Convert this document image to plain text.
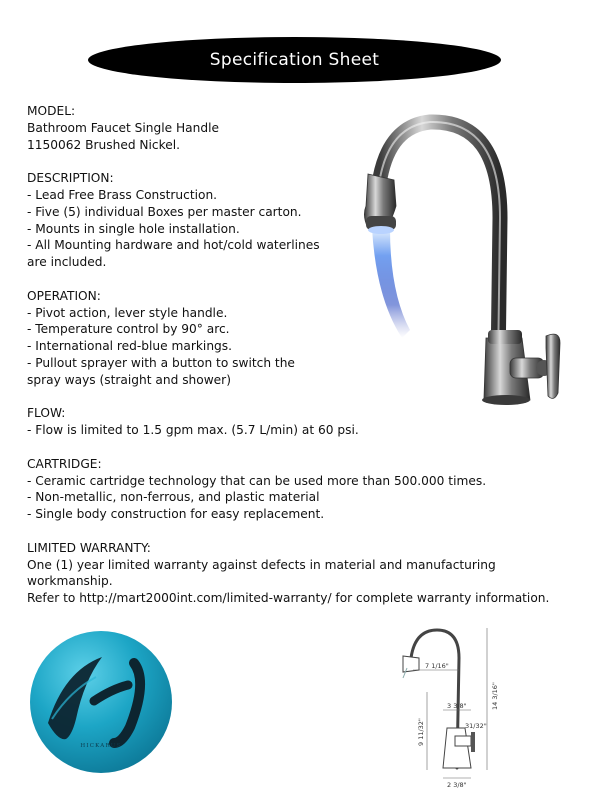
Specification Sheet
MODEL:
Bathroom Faucet Single Handle
1150062 Brushed Nickel.
DESCRIPTION:
- Lead Free Brass Construction.
- Five (5) individual Boxes per master carton.
- Mounts in single hole installation.
- All Mounting hardware and hot/cold waterlines are included.
OPERATION:
- Pivot action, lever style handle.
- Temperature control by 90° arc.
- International red-blue markings.
- Pullout sprayer with a button to switch the spray ways (straight and shower)
FLOW:
- Flow is limited to 1.5 gpm max. (5.7 L/min) at 60 psi.
CARTRIDGE:
- Ceramic cartridge technology that can be used more than 500.000 times.
- Non-metallic, non-ferrous, and plastic material
- Single body construction for easy replacement.
LIMITED WARRANTY:
One (1) year limited warranty against defects in material and manufacturing workmanship.
Refer to http://mart2000int.com/limited-warranty/ for complete warranty information.
HICKARUS
7 1/16"
14 3/16"
3 3/8"
9 11/32"	31/32"
2 3/8"
